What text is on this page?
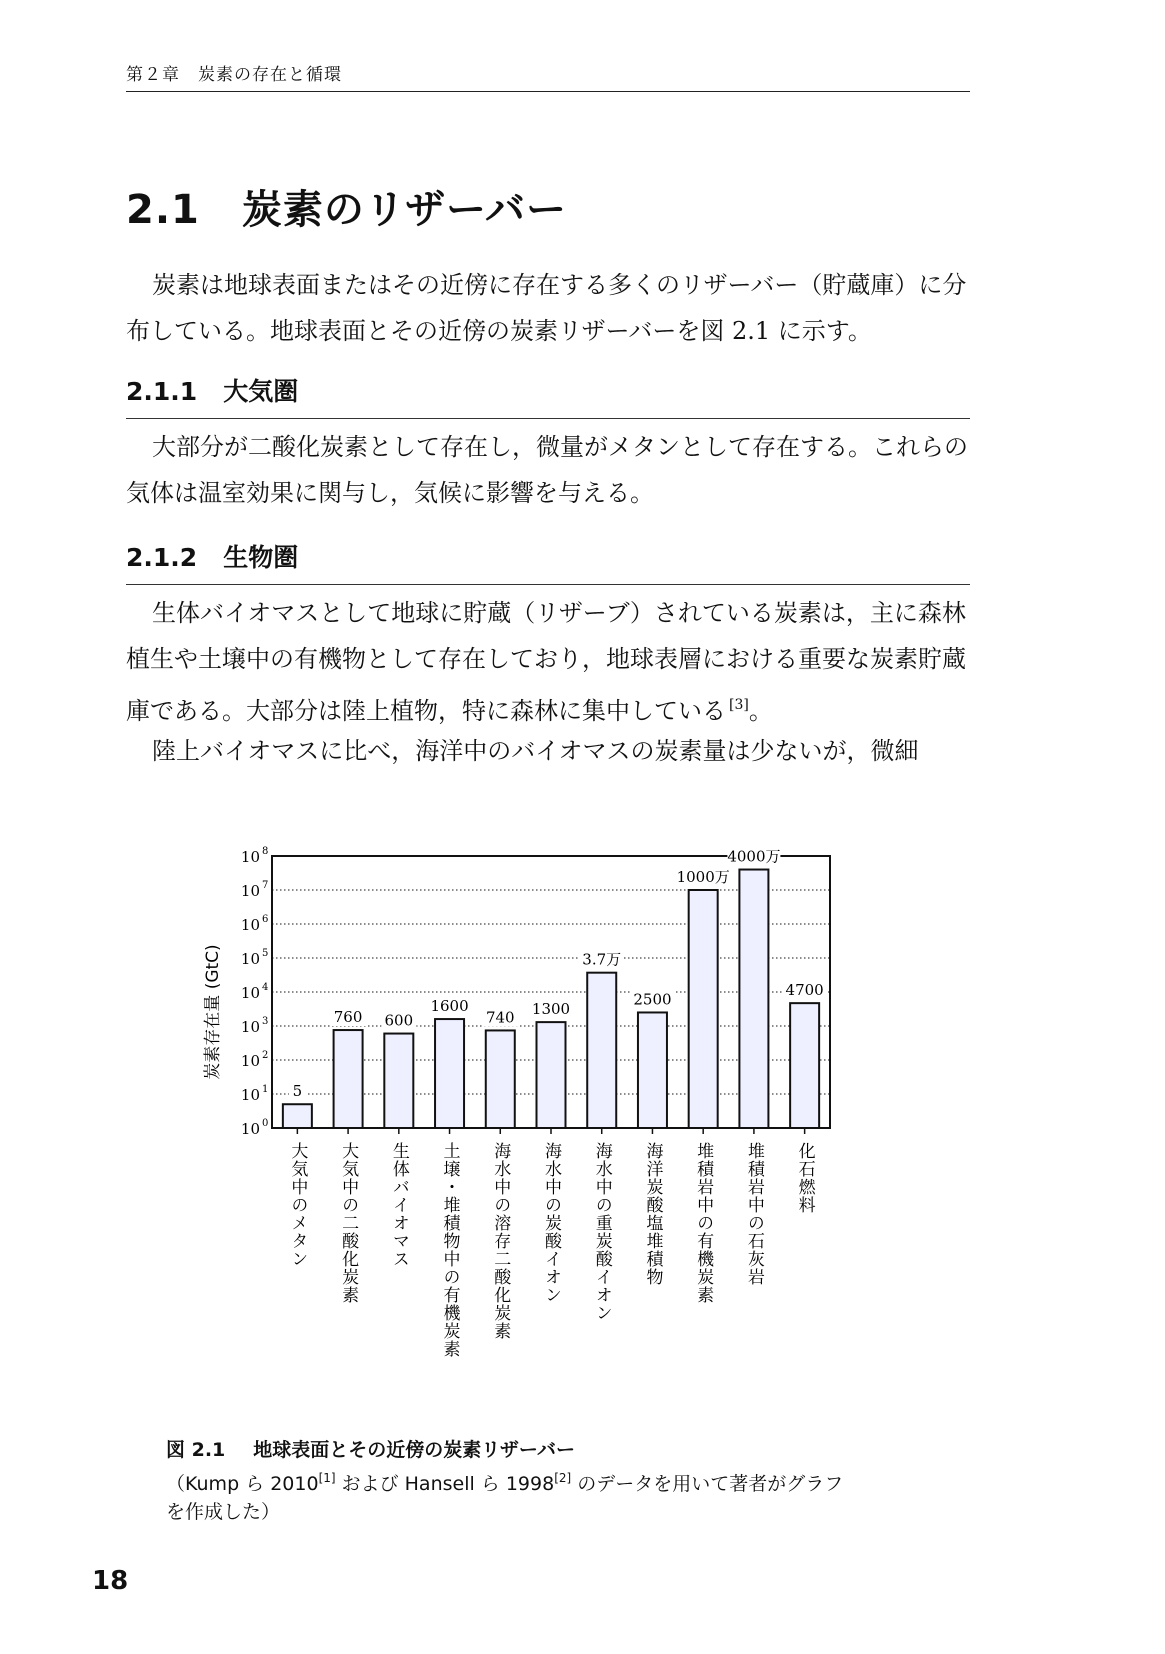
第２章　炭素の存在と循環
2.1 炭素のリザーバー

炭素は地球表面またはその近傍に存在する多くのリザーバー（貯蔵庫）に分布している。地球表面とその近傍の炭素リザーバーを図 2.1 に示す。

2.1.1 大気圏

大部分が二酸化炭素として存在し，微量がメタンとして存在する。これらの気体は温室効果に関与し，気候に影響を与える。

2.1.2 生物圏

生体バイオマスとして地球に貯蔵（リザーブ）されている炭素は，主に森林植生や土壌中の有機物として存在しており，地球表層における重要な炭素貯蔵庫である。大部分は陸上植物，特に森林に集中している [3]。

陸上バイオマスに比べ，海洋中のバイオマスの炭素量は少ないが，微細

10 0
10 1
10 2
10 3
10 4
10 5
10 6
10 7
10 8
炭素存在量 (GtC)
5
大気中のメタン
760
大気中の二酸化炭素
600
生体バイオマス
1600
土壌・堆積物中の有機炭素
740
海水中の溶存二酸化炭素
1300
海水中の炭酸イオン
3.7万
海水中の重炭酸イオン
2500
海洋炭酸塩堆積物
1000万
堆積岩中の有機炭素
4000万
堆積岩中の石灰岩
4700
化石燃料
図 2.1 地球表面とその近傍の炭素リザーバー
（Kump ら 2010[1] および Hansell ら 1998[2] のデータを用いて著者がグラフ
を作成した）
18
